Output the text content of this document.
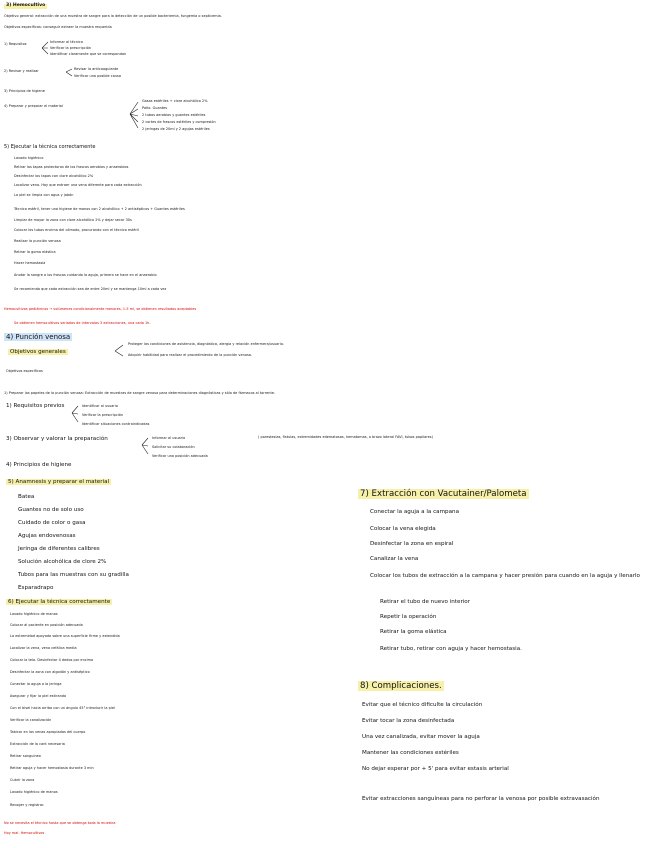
3) Hemocultivo
Objetivo general: extracción de una muestra de sangre para la detección de un posible bacteriemia, fungemia o septicemia.
Objetivos específicos: conseguir extraer la muestra requerida
1) Requisitos	Informar al técnico
Verificar la prescripción
Identificar claramente que se correspondan
2) Revisar y realizar	Revisar la anticoagulante
Verificar una posible causa
3) Principios de higiene
4) Preparar y preparar el material
Gasas estériles + clore alcohólico 2%
Paño. Guantes
2 tubos aerobios y guantes estériles
2 cortes de frascos estériles y compresión
2 jeringas de 20ml y 2 agujas estériles
5) Ejecutar la técnica correctamente
Lavado higiénico
Retirar los tapas protectoras de los frascos aerobios y anaerobios
Desinfectar los tapas con clore alcohólico 2%
Localizar vena. Hay que extraer una vena diferente para cada extracción
La piel se limpia con agua y jabón
Técnica estéril, tener una higiene de manos con 2 alcohólico + 2 antisépticos + Guantes estériles
Limpiar de mayor la zona con clore alcohólico 2% y dejar secar 30s
Colocar los tubos encima del cómodo, procurando con el técnico estéril
Realizar la punción venosa
Retirar la goma elástica
Hacer hemostasia
Anotar la sangre a los frascos cuidando la aguja, primero se hace en el anaerobio
Se recomienda que cada extracción sea de entre 20ml y se mantenga 10ml a cada vez
Hemocultivos pediátricos → volúmenes condicionalmente menores, 1-5 ml, se obtienen resultados aceptables
Se obtienen hemocultivos seriados de intervalos 3 extracciones, una cada 1h.
4) Punción venosa
Objetivos generales
Proteger las condiciones de asistencia, diagnóstica, alergia y relación enfermera/usuario.
Adquirir habilidad para realizar el procedimiento de la punción venosa.
Objetivos específicos
1) Preparar los papeles de la punción venosa: Extracción de muestras de sangre venosa para determinaciones diagnósticas y sólo de fármacos al torrente.
1) Requisitos previos	Identificar al usuario
Verificar la prescripción
Identificar situaciones contraindicadas
( parestesias, fístulas, extremidades edematosas, hematomas, o brazo lateral FAVI, tubos papilares)
3) Observar y valorar la preparación	Informar al usuario
Solicitar su colaboración
Verificar una posición adecuada
4) Principios de higiene
5) Anamnesis y preparar el material
Batea
Guantes no de solo uso
Cuidado de color o gasa
Agujas endovenosas
Jeringa de diferentes calibres
Solución alcohólica de clore 2%
Tubos para las muestras con su gradilla
Esparadrapo
6) Ejecutar la técnica correctamente
Lavado higiénico de manos
Colocar al paciente en posición adecuada
La extremidad apoyada sobre una superficie firme y extendida
Localizar la vena, vena cefálica media
Colocar la tela. Desinfectar 4 dedos por encima
Desinfectar la zona con algodón y antiséptico
Conectar la aguja a la jeringa
Asegurar y fijar la piel estirando
Con el bisel hacia arriba con un ángulo 45° introducir la piel
Verificar la canalización
Tabicar en las venas apropiadas del cuerpo
Extracción de la cant necesaria
Retirar sanguineo
Retirar aguja y hacer hemostasia durante 3 min
Cubrir la zona
Lavado higiénico de manos
Recoger y registrar.
No se necesita el técnico hasta que se obtenga toda la muestra
Hoy mal. Hemocultivos
7) Extracción con Vacutainer/Palometa
Conectar la aguja a la campana
Colocar la vena elegida
Desinfectar la zona en espiral
Canalizar la vena
Colocar los tubos de extracción a la campana y hacer presión para cuando en la aguja y llenarlo
Retirar el tubo de nuevo interior
Repetir la operación
Retirar la goma elástica
Retirar tubo, retirar con aguja y hacer hemostasia.
8) Complicaciones.
Evitar que el técnico dificulte la circulación
Evitar tocar la zona desinfectada
Una vez canalizada, evitar mover la aguja
Mantener las condiciones estériles
No dejar esperar por + 5' para evitar estasis arterial
Evitar extracciones sanguíneas para no perforar la venosa por posible extravasación
